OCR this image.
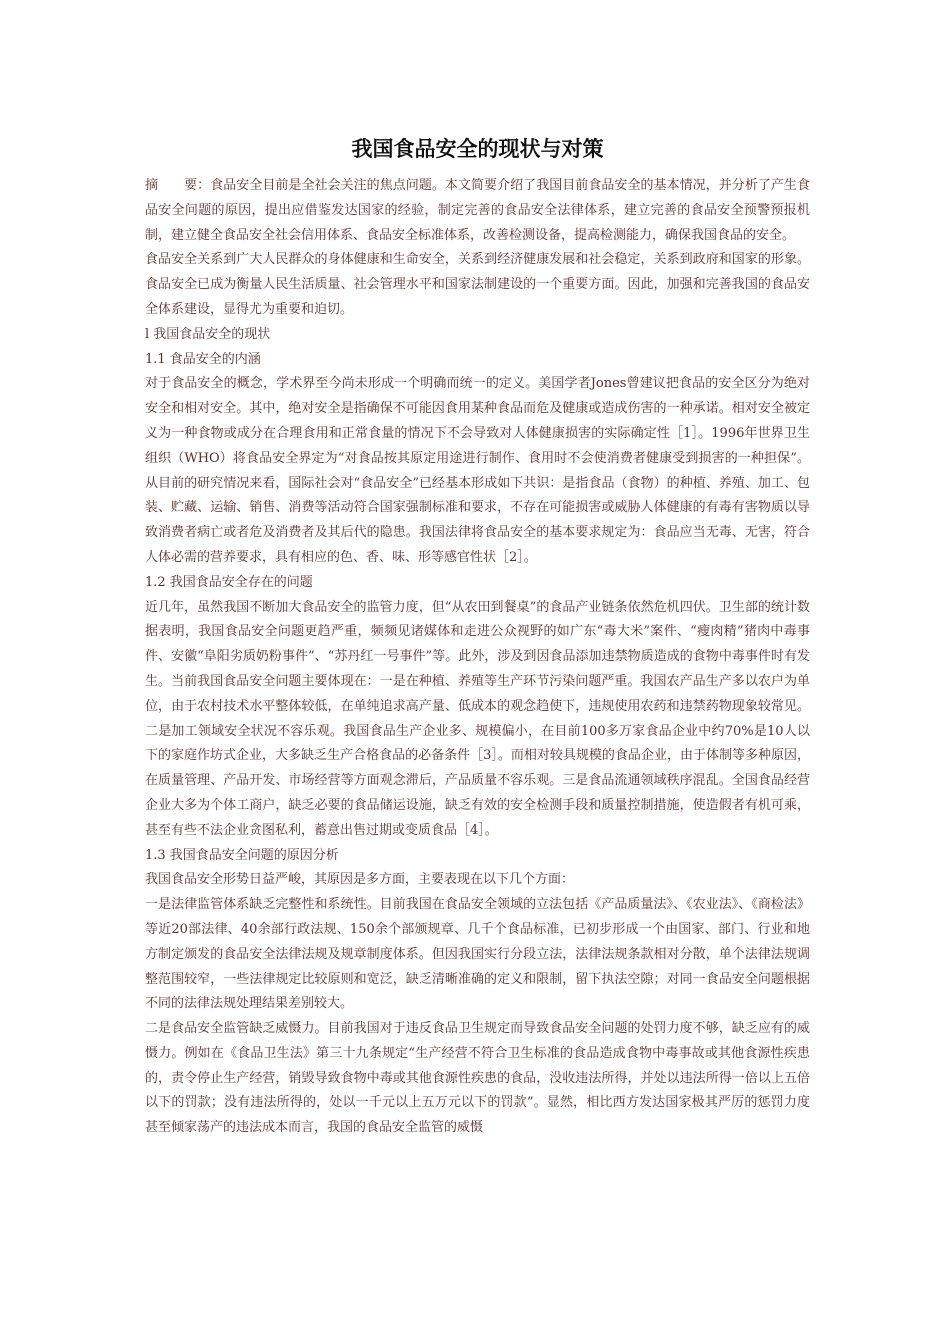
我国食品安全的现状与对策

摘　　要：食品安全目前是全社会关注的焦点问题。本文简要介绍了我国目前食品安全的基本情况，并分析了产生食品安全问题的原因，提出应借鉴发达国家的经验，制定完善的食品安全法律体系，建立完善的食品安全预警预报机制，建立健全食品安全社会信用体系、食品安全标准体系，改善检测设备，提高检测能力，确保我国食品的安全。

食品安全关系到广大人民群众的身体健康和生命安全，关系到经济健康发展和社会稳定，关系到政府和国家的形象。食品安全已成为衡量人民生活质量、社会管理水平和国家法制建设的一个重要方面。因此，加强和完善我国的食品安全体系建设，显得尤为重要和迫切。

l 我国食品安全的现状

1.1 食品安全的内涵

对于食品安全的概念，学术界至今尚未形成一个明确而统一的定义。美国学者Jones曾建议把食品的安全区分为绝对安全和相对安全。其中，绝对安全是指确保不可能因食用某种食品而危及健康或造成伤害的一种承诺。相对安全被定义为一种食物或成分在合理食用和正常食量的情况下不会导致对人体健康损害的实际确定性［1］。1996年世界卫生组织（WHO）将食品安全界定为“对食品按其原定用途进行制作、食用时不会使消费者健康受到损害的一种担保”。从目前的研究情况来看，国际社会对“食品安全”已经基本形成如下共识：是指食品（食物）的种植、养殖、加工、包装、贮藏、运输、销售、消费等活动符合国家强制标准和要求，不存在可能损害或威胁人体健康的有毒有害物质以导致消费者病亡或者危及消费者及其后代的隐患。我国法律将食品安全的基本要求规定为：食品应当无毒、无害，符合人体必需的营养要求，具有相应的色、香、味、形等感官性状［2］。

1.2 我国食品安全存在的问题

近几年，虽然我国不断加大食品安全的监管力度，但“从农田到餐桌”的食品产业链条依然危机四伏。卫生部的统计数据表明，我国食品安全问题更趋严重，频频见诸媒体和走进公众视野的如广东“毒大米”案件、“瘦肉精”猪肉中毒事件、安徽“阜阳劣质奶粉事件”、“苏丹红一号事件”等。此外，涉及到因食品添加违禁物质造成的食物中毒事件时有发生。当前我国食品安全问题主要体现在：一是在种植、养殖等生产环节污染问题严重。我国农产品生产多以农户为单位，由于农村技术水平整体较低，在单纯追求高产量、低成本的观念趋使下，违规使用农药和违禁药物现象较常见。二是加工领域安全状况不容乐观。我国食品生产企业多、规模偏小，在目前100多万家食品企业中约70%是10人以下的家庭作坊式企业，大多缺乏生产合格食品的必备条件［3］。而相对较具规模的食品企业，由于体制等多种原因，在质量管理、产品开发、市场经营等方面观念滞后，产品质量不容乐观。三是食品流通领域秩序混乱。全国食品经营企业大多为个体工商户，缺乏必要的食品储运设施，缺乏有效的安全检测手段和质量控制措施，使造假者有机可乘，甚至有些不法企业贪图私利，蓄意出售过期或变质食品［4］。

1.3 我国食品安全问题的原因分析

我国食品安全形势日益严峻，其原因是多方面，主要表现在以下几个方面：

一是法律监管体系缺乏完整性和系统性。目前我国在食品安全领域的立法包括《产品质量法》、《农业法》、《商检法》等近20部法律、40余部行政法规、150余个部颁规章、几千个食品标准，已初步形成一个由国家、部门、行业和地方制定颁发的食品安全法律法规及规章制度体系。但因我国实行分段立法，法律法规条款相对分散，单个法律法规调整范围较窄，一些法律规定比较原则和宽泛，缺乏清晰准确的定义和限制，留下执法空隙；对同一食品安全问题根据不同的法律法规处理结果差别较大。

二是食品安全监管缺乏威慑力。目前我国对于违反食品卫生规定而导致食品安全问题的处罚力度不够，缺乏应有的威慑力。例如在《食品卫生法》第三十九条规定“生产经营不符合卫生标准的食品造成食物中毒事故或其他食源性疾患的，责令停止生产经营，销毁导致食物中毒或其他食源性疾患的食品，没收违法所得，并处以违法所得一倍以上五倍以下的罚款；没有违法所得的，处以一千元以上五万元以下的罚款”。显然，相比西方发达国家极其严厉的惩罚力度甚至倾家荡产的违法成本而言，我国的食品安全监管的威慑
